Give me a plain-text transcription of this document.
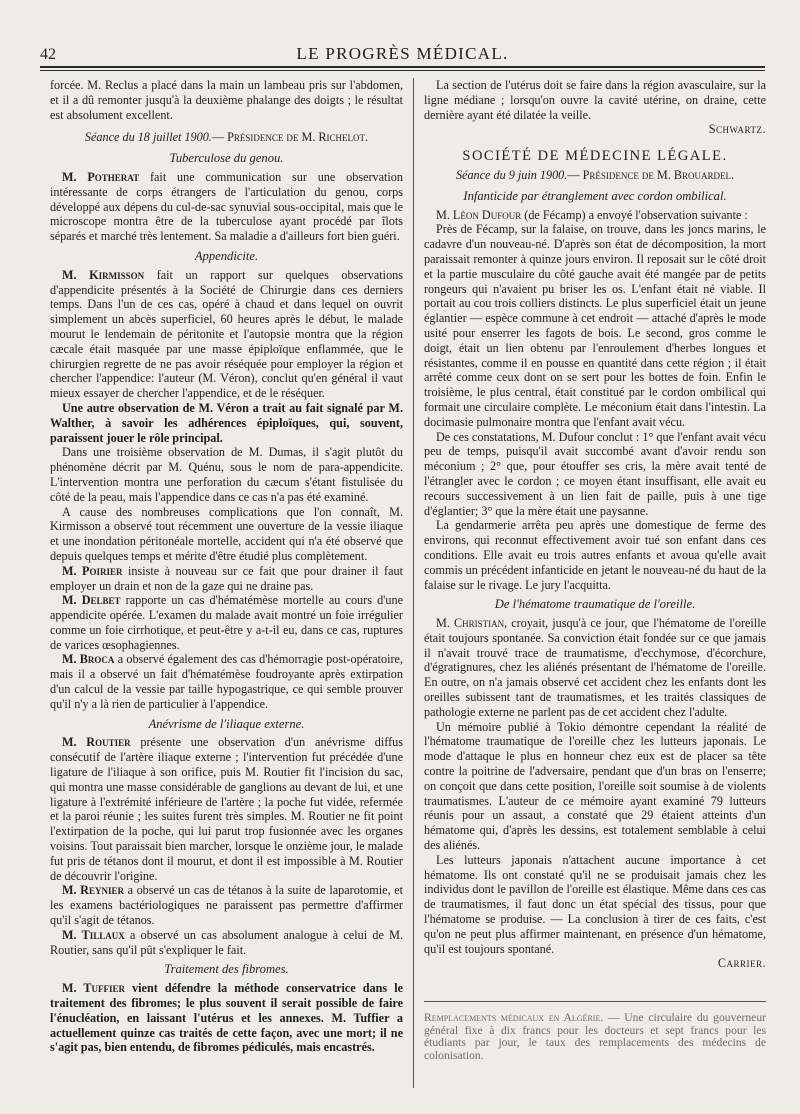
42	LE PROGRÈS MÉDICAL.

forcée. M. Reclus a placé dans la main un lambeau pris sur l'abdomen, et il a dû remonter jusqu'à la deuxième phalange des doigts ; le résultat est absolument excellent.

Séance du 18 juillet 1900.— Présidence de M. Richelot.
Tuberculose du genou.

M. Potherat fait une communication sur une observation intéressante de corps étrangers de l'articulation du genou, corps développé aux dépens du cul-de-sac synuvial sous-occipital, mais que le microscope montra être de la tuberculose ayant procédé par îlots séparés et marché très lentement. Sa maladie a d'ailleurs fort bien guéri.

Appendicite.

M. Kirmisson fait un rapport sur quelques observations d'appendicite présentés à la Société de Chirurgie dans ces derniers temps. Dans l'un de ces cas, opéré à chaud et dans lequel on ouvrit simplement un abcès superficiel, 60 heures après le début, le malade mourut le lendemain de péritonite et l'autopsie montra que la région cæcale était masquée par une masse épiploïque enflammée, que le chirurgien regrette de ne pas avoir réséquée pour employer la région et chercher l'appendice: l'auteur (M. Véron), conclut qu'en général il vaut mieux essayer de chercher l'appendice, et de le réséquer.

Une autre observation de M. Véron a trait au fait signalé par M. Walther, à savoir les adhérences épiploïques, qui, souvent, paraissent jouer le rôle principal.

Dans une troisième observation de M. Dumas, il s'agit plutôt du phénomène décrit par M. Quénu, sous le nom de para-appendicite. L'intervention montra une perforation du cæcum s'étant fistulisée du côté de la peau, mais l'appendice dans ce cas n'a pas été examiné.

A cause des nombreuses complications que l'on connaît, M. Kirmisson a observé tout récemment une ouverture de la vessie iliaque et une inondation péritonéale mortelle, accident qui n'a été observé que depuis quelques temps et mérite d'être étudié plus complètement.

M. Poirier insiste à nouveau sur ce fait que pour drainer il faut employer un drain et non de la gaze qui ne draine pas.

M. Delbet rapporte un cas d'hématémèse mortelle au cours d'une appendicite opérée. L'examen du malade avait montré un foie irrégulier comme un foie cirrhotique, et peut-être y a-t-il eu, dans ce cas, ruptures de varices œsophagiennes.

M. Broca a observé également des cas d'hémorragie post-opératoire, mais il a observé un fait d'hématémèse foudroyante après extirpation d'un calcul de la vessie par taille hypogastrique, ce qui semble prouver qu'il n'y a là rien de particulier à l'appendice.

Anévrisme de l'iliaque externe.

M. Routier présente une observation d'un anévrisme diffus consécutif de l'artère iliaque externe ; l'intervention fut précédée d'une ligature de l'iliaque à son orifice, puis M. Routier fit l'incision du sac, qui montra une masse considérable de ganglions au devant de lui, et une ligature à l'extrémité inférieure de l'artère ; la poche fut vidée, refermée et la paroi réunie ; les suites furent très simples. M. Routier ne fit point l'extirpation de la poche, qui lui parut trop fusionnée avec les organes voisins. Tout paraissait bien marcher, lorsque le onzième jour, le malade fut pris de tétanos dont il mourut, et dont il est impossible à M. Routier de découvrir l'origine.

M. Reynier a observé un cas de tétanos à la suite de laparotomie, et les examens bactériologiques ne paraissent pas permettre d'affirmer qu'il s'agit de tétanos.

M. Tillaux a observé un cas absolument analogue à celui de M. Routier, sans qu'il pût s'expliquer le fait.

Traitement des fibromes.

M. Tuffier vient défendre la méthode conservatrice dans le traitement des fibromes; le plus souvent il serait possible de faire l'énucléation, en laissant l'utérus et les annexes. M. Tuffier a actuellement quinze cas traités de cette façon, avec une mort; il ne s'agit pas, bien entendu, de fibromes pédiculés, mais encastrés.

La section de l'utérus doit se faire dans la région avasculaire, sur la ligne médiane ; lorsqu'on ouvre la cavité utérine, on draine, cette dernière ayant été dilatée la veille.

Schwartz.
SOCIÉTÉ DE MÉDECINE LÉGALE.
Séance du 9 juin 1900.— Présidence de M. Brouardel.
Infanticide par étranglement avec cordon ombilical.

M. Léon Dufour (de Fécamp) a envoyé l'observation suivante :

Près de Fécamp, sur la falaise, on trouve, dans les joncs marins, le cadavre d'un nouveau-né. D'après son état de décomposition, la mort paraissait remonter à quinze jours environ. Il reposait sur le côté droit et la partie musculaire du côté gauche avait été mangée par de petits rongeurs qui n'avaient pu briser les os. L'enfant était né viable. Il portait au cou trois colliers distincts. Le plus superficiel était un jeune églantier — espèce commune à cet endroit — attaché d'après le mode usité pour enserrer les fagots de bois. Le second, gros comme le doigt, était un lien obtenu par l'enroulement d'herbes longues et résistantes, comme il en pousse en quantité dans cette région ; il était arrêté comme ceux dont on se sert pour les bottes de foin. Enfin le troisième, le plus central, était constitué par le cordon ombilical qui formait une circulaire complète. Le méconium était dans l'intestin. La docimasie pulmonaire montra que l'enfant avait vécu.

De ces constatations, M. Dufour conclut : 1° que l'enfant avait vécu peu de temps, puisqu'il avait succombé avant d'avoir rendu son méconium ; 2° que, pour étouffer ses cris, la mère avait tenté de l'étrangler avec le cordon ; ce moyen étant insuffisant, elle avait eu recours successivement à un lien fait de paille, puis à une tige d'églantier; 3° que la mère était une paysanne.

La gendarmerie arrêta peu après une domestique de ferme des environs, qui reconnut effectivement avoir tué son enfant dans ces conditions. Elle avait eu trois autres enfants et avoua qu'elle avait commis un précédent infanticide en jetant le nouveau-né du haut de la falaise sur le rivage. Le jury l'acquitta.

De l'hématome traumatique de l'oreille.

M. Christian, croyait, jusqu'à ce jour, que l'hématome de l'oreille était toujours spontanée. Sa conviction était fondée sur ce que jamais il n'avait trouvé trace de traumatisme, d'ecchymose, d'écorchure, d'égratignures, chez les aliénés présentant de l'hématome de l'oreille. En outre, on n'a jamais observé cet accident chez les enfants dont les oreilles subissent tant de traumatismes, et les traités classiques de pathologie externe ne parlent pas de cet accident chez l'adulte.

Un mémoire publié à Tokio démontre cependant la réalité de l'hématome traumatique de l'oreille chez les lutteurs japonais. Le mode d'attaque le plus en honneur chez eux est de placer sa tête contre la poitrine de l'adversaire, pendant que d'un bras on l'enserre; on conçoit que dans cette position, l'oreille soit soumise à de violents traumatismes. L'auteur de ce mémoire ayant examiné 79 lutteurs réunis pour un assaut, a constaté que 29 étaient atteints d'un hématome qui, d'après les dessins, est totalement semblable à celui des aliénés.

Les lutteurs japonais n'attachent aucune importance à cet hématome. Ils ont constaté qu'il ne se produisait jamais chez les individus dont le pavillon de l'oreille est élastique. Même dans ces cas de traumatismes, il faut donc un état spécial des tissus, pour que l'hématome se produise. — La conclusion à tirer de ces faits, c'est qu'on ne peut plus affirmer maintenant, en présence d'un hématome, qu'il est toujours spontané.

Carrier.

Remplacements médicaux en Algérie. — Une circulaire du gouverneur général fixe à dix francs pour les docteurs et sept francs pour les étudiants par jour, le taux des remplacements des médecins de colonisation.
